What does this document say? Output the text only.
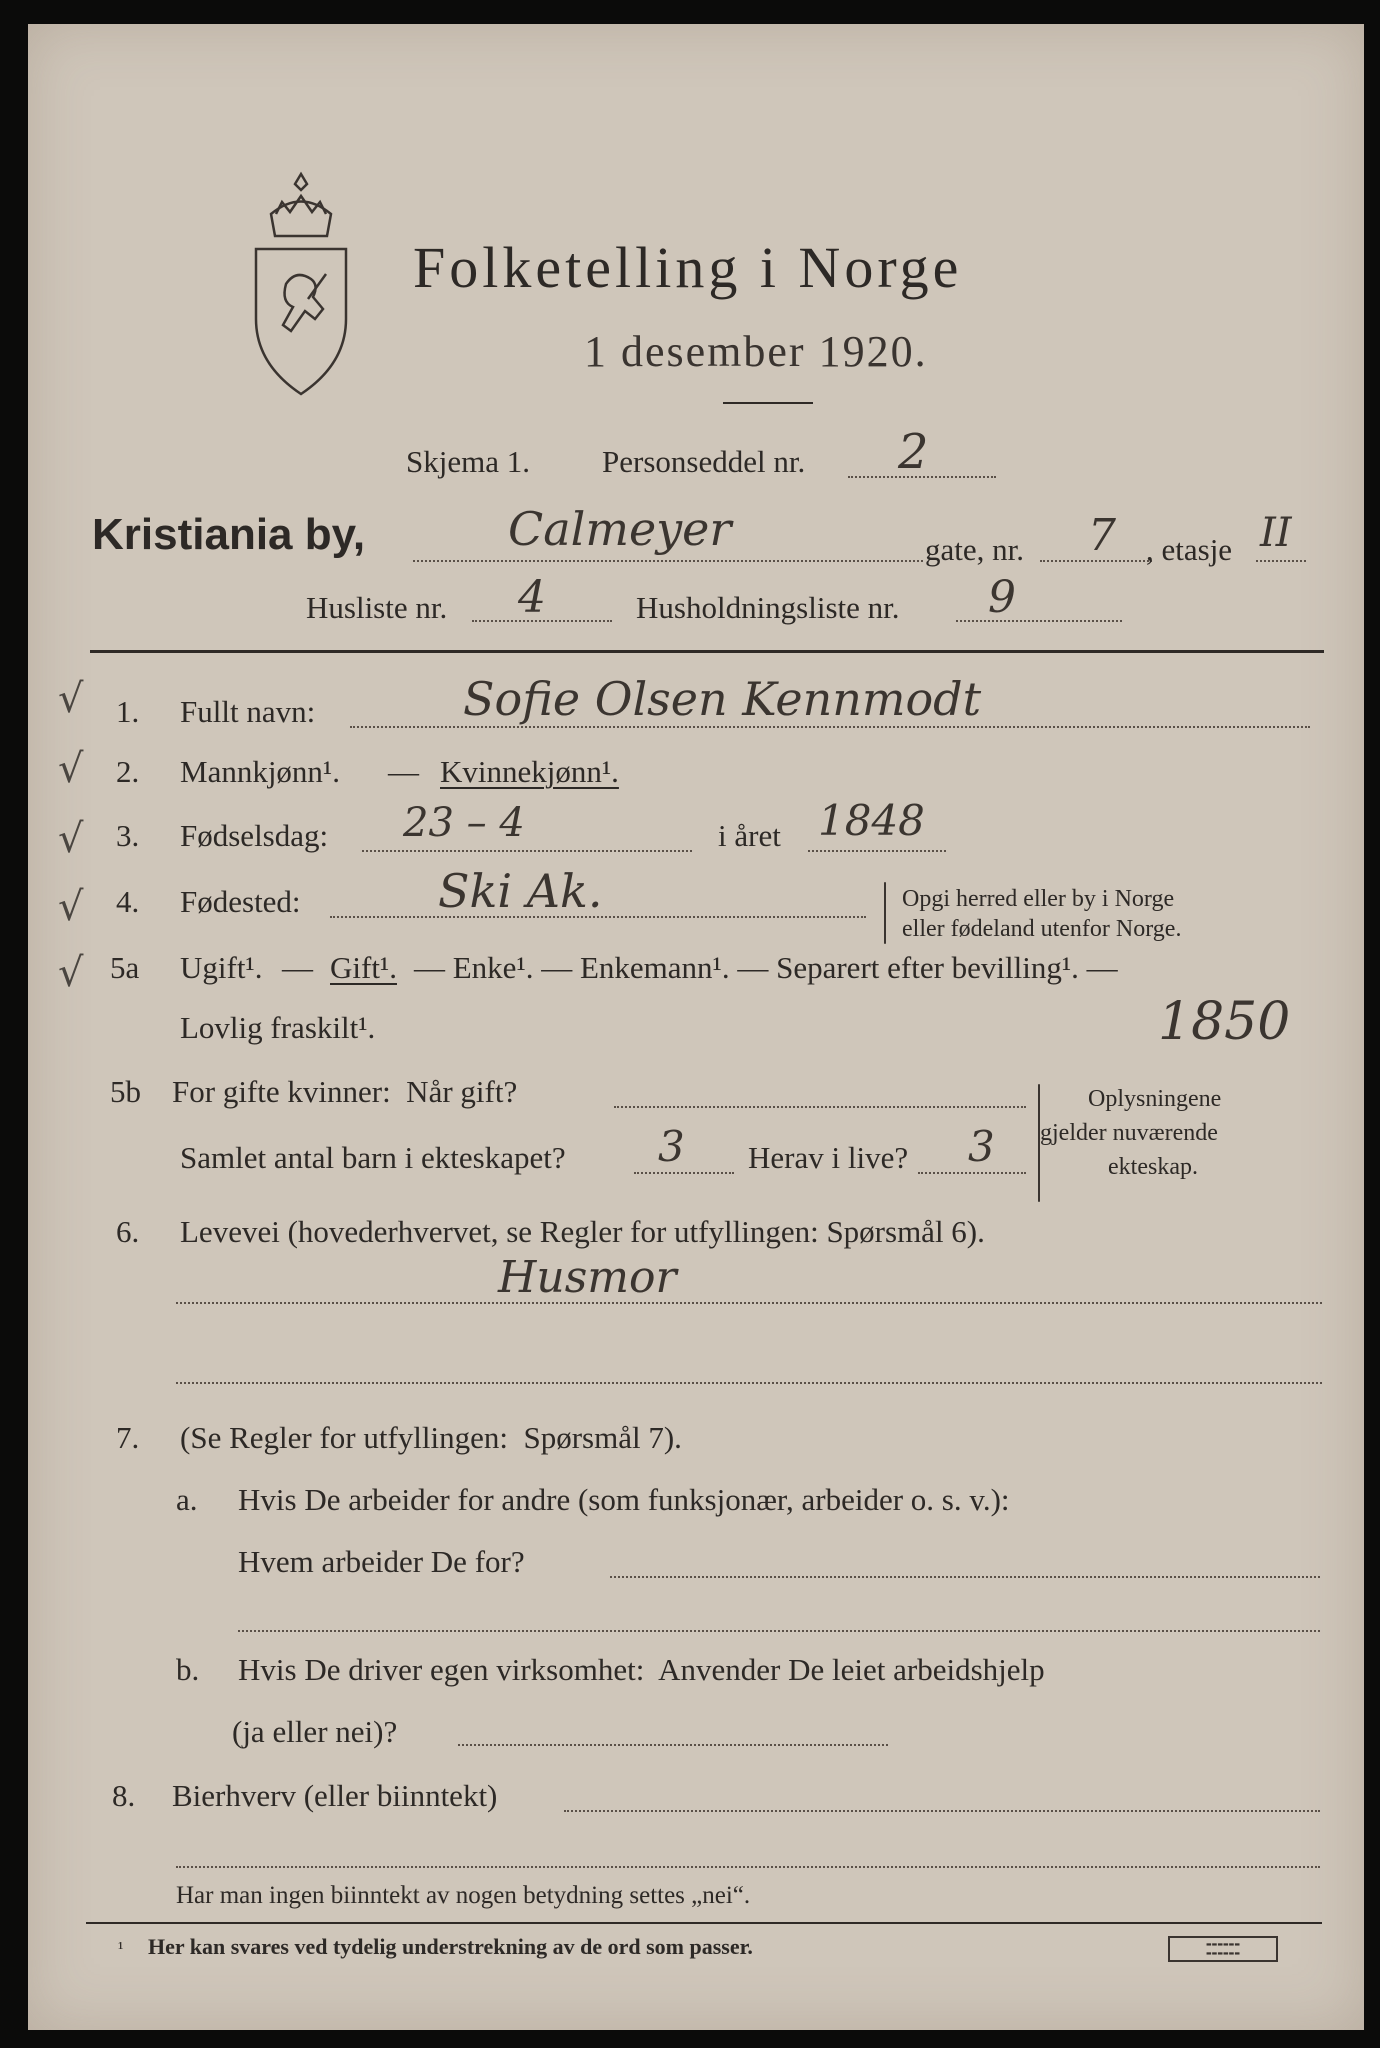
Folketelling i Norge
1 desember 1920.
Skjema 1. Personseddel nr. 2
Kristiania by,	Calmeyer	gate, nr. 7 , etasje II
Husliste nr. 4	Husholdningsliste nr. 9
√
√
√
√
√
1. Fullt navn:	Sofie Olsen Kennmodt
2. Mannkjønn¹. — Kvinnekjønn¹.
3. Fødselsdag: 23 – 4	i året 1848
4. Fødested:	Ski Ak.	Opgi herred eller by i Norge
eller fødeland utenfor Norge.
5a Ugift¹. — Gift¹. — Enke¹. — Enkemann¹. — Separert efter bevilling¹. —
Lovlig fraskilt¹.	1850
5b For gifte kvinner:  Når gift?
Samlet antal barn i ekteskapet? 3 Herav i live? 3
Oplysningene
gjelder nuværende
ekteskap.
6. Levevei (hovederhvervet, se Regler for utfyllingen: Spørsmål 6).
Husmor
7. (Se Regler for utfyllingen:  Spørsmål 7).
a. Hvis De arbeider for andre (som funksjonær, arbeider o. s. v.):
Hvem arbeider De for?
b. Hvis De driver egen virksomhet:  Anvender De leiet arbeidshjelp
(ja eller nei)?
8. Bierhverv (eller biinntekt)
Har man ingen biinntekt av nogen betydning settes „nei“.
¹ Her kan svares ved tydelig understrekning av de ord som passer.	▬▬▬▬▬▬
▬▬▬▬▬▬
